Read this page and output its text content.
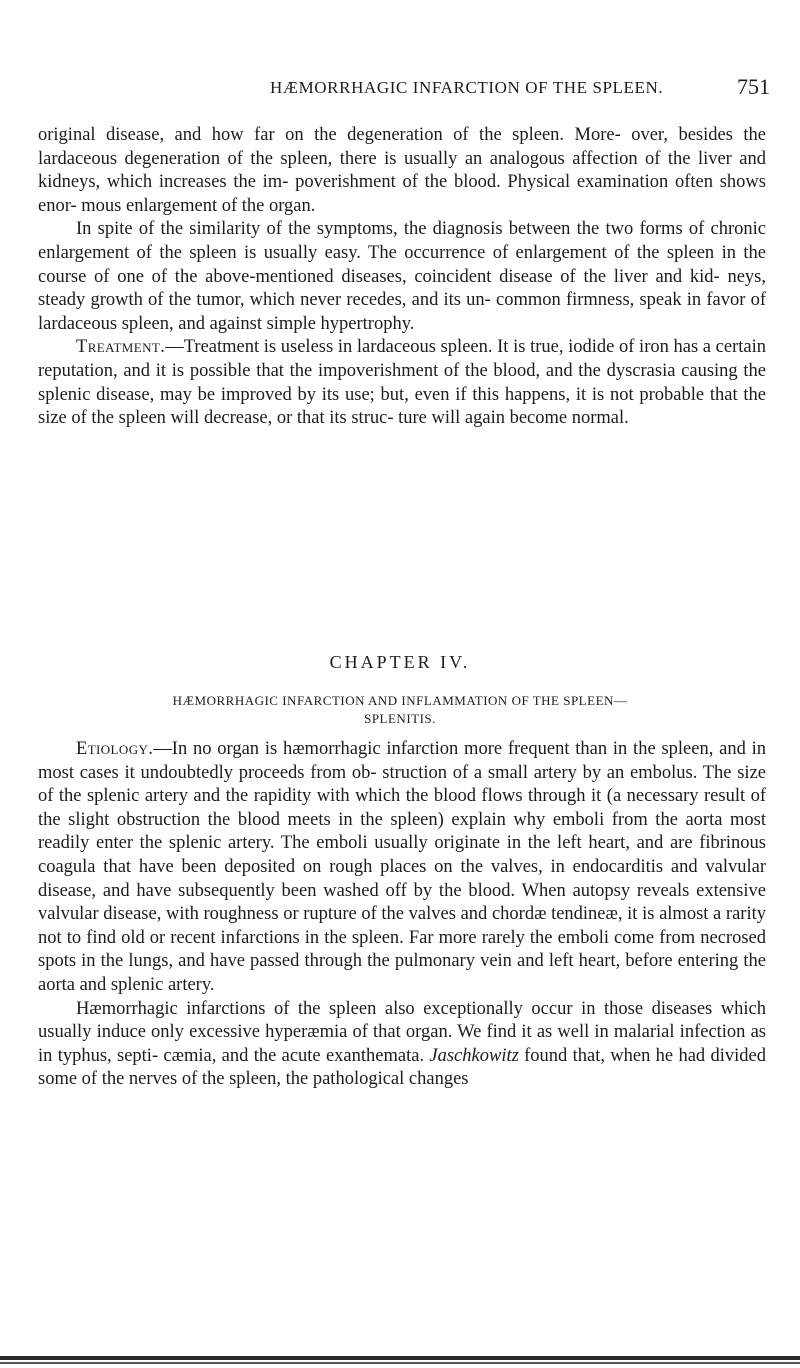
HÆMORRHAGIC INFARCTION OF THE SPLEEN.	751

original disease, and how far on the degeneration of the spleen. More- over, besides the lardaceous degeneration of the spleen, there is usually an analogous affection of the liver and kidneys, which increases the im- poverishment of the blood. Physical examination often shows enor- mous enlargement of the organ.

In spite of the similarity of the symptoms, the diagnosis between the two forms of chronic enlargement of the spleen is usually easy. The occurrence of enlargement of the spleen in the course of one of the above-mentioned diseases, coincident disease of the liver and kid- neys, steady growth of the tumor, which never recedes, and its un- common firmness, speak in favor of lardaceous spleen, and against simple hypertrophy.

Treatment.—Treatment is useless in lardaceous spleen. It is true, iodide of iron has a certain reputation, and it is possible that the impoverishment of the blood, and the dyscrasia causing the splenic disease, may be improved by its use; but, even if this happens, it is not probable that the size of the spleen will decrease, or that its struc- ture will again become normal.

CHAPTER IV.
HÆMORRHAGIC INFARCTION AND INFLAMMATION OF THE SPLEEN—
SPLENITIS.

Etiology.—In no organ is hæmorrhagic infarction more frequent than in the spleen, and in most cases it undoubtedly proceeds from ob- struction of a small artery by an embolus. The size of the splenic artery and the rapidity with which the blood flows through it (a necessary result of the slight obstruction the blood meets in the spleen) explain why emboli from the aorta most readily enter the splenic artery. The emboli usually originate in the left heart, and are fibrinous coagula that have been deposited on rough places on the valves, in endocarditis and valvular disease, and have subsequently been washed off by the blood. When autopsy reveals extensive valvular disease, with roughness or rupture of the valves and chordæ tendineæ, it is almost a rarity not to find old or recent infarctions in the spleen. Far more rarely the emboli come from necrosed spots in the lungs, and have passed through the pulmonary vein and left heart, before entering the aorta and splenic artery.

Hæmorrhagic infarctions of the spleen also exceptionally occur in those diseases which usually induce only excessive hyperæmia of that organ. We find it as well in malarial infection as in typhus, septi- cæmia, and the acute exanthemata. Jaschkowitz found that, when he had divided some of the nerves of the spleen, the pathological changes
